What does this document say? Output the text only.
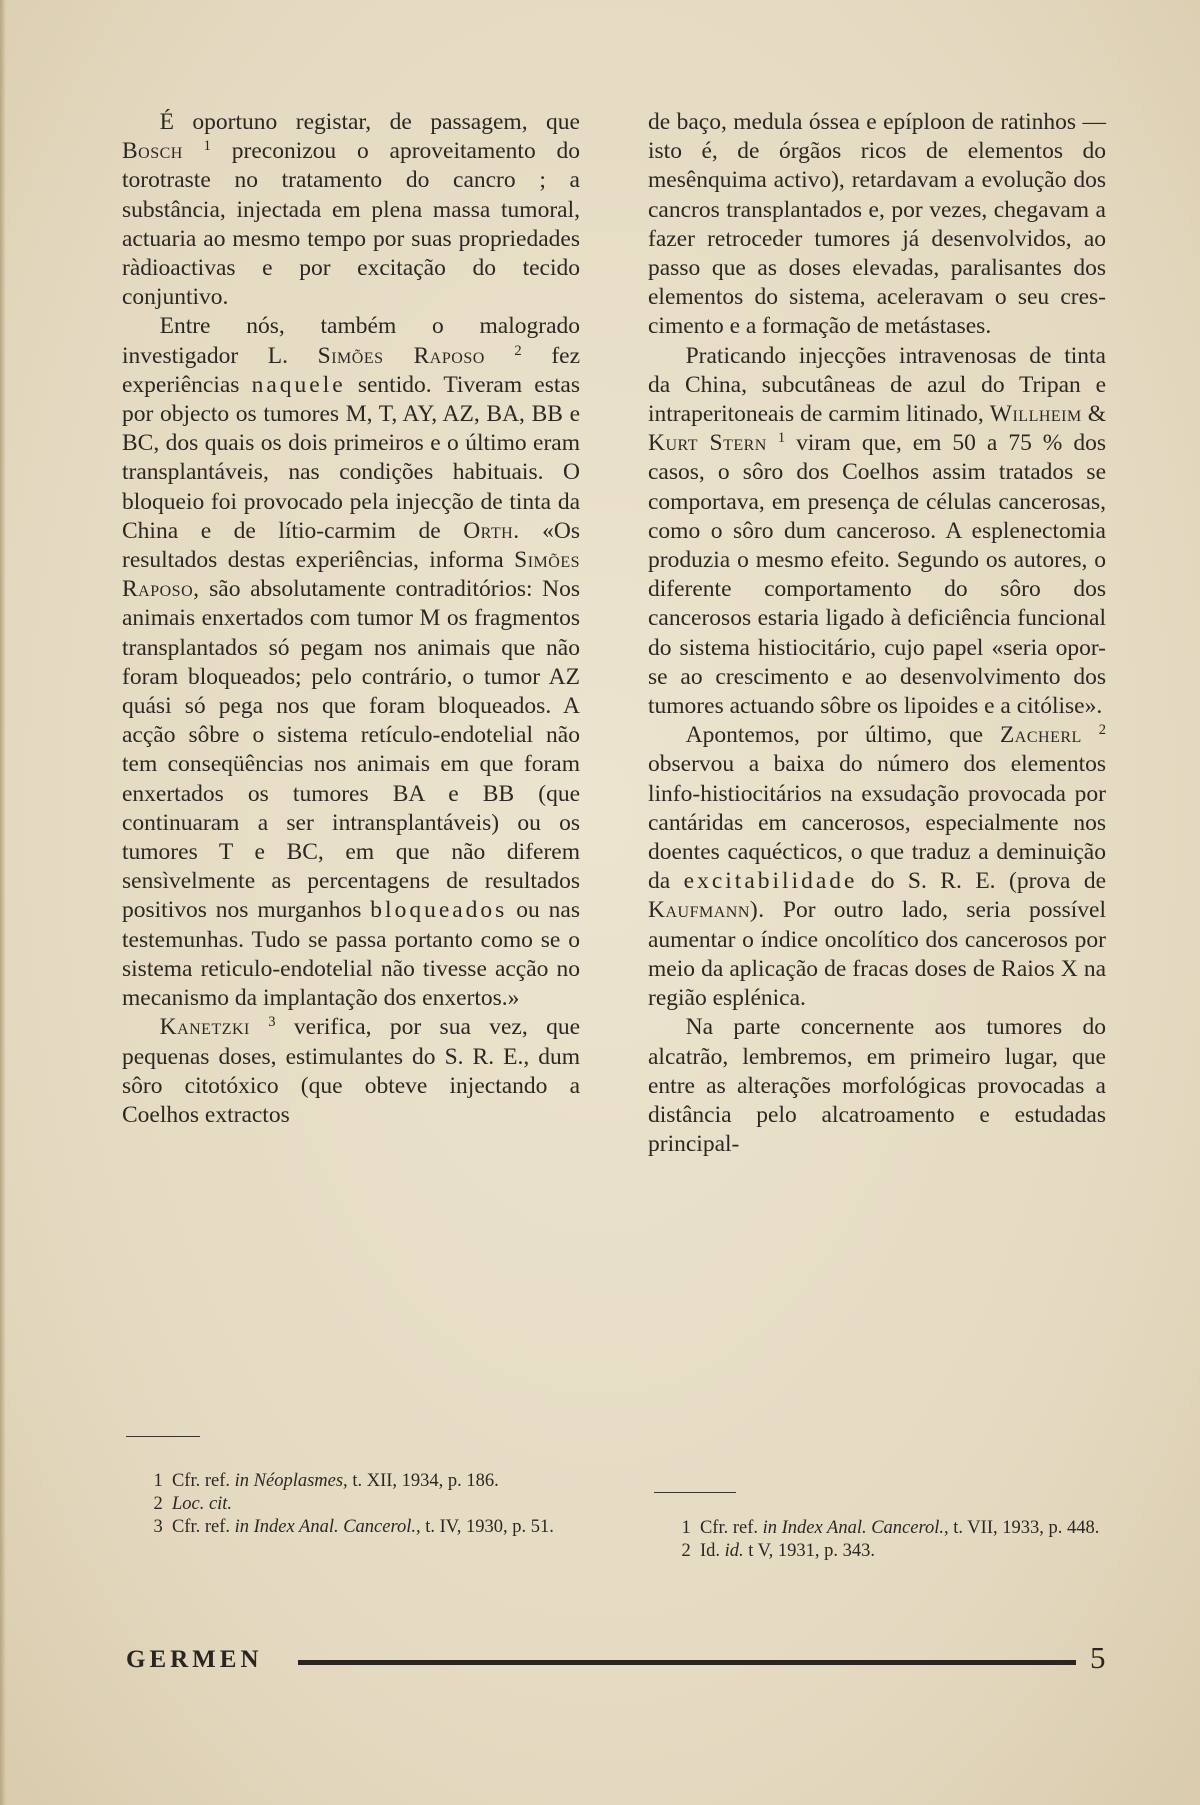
É oportuno registar, de passagem, que Bosch $^1$ preconizou o aproveitamento do torotraste no tratamento do cancro ; a substância, injectada em plena massa tumoral, actuaria ao mesmo tempo por suas propriedades ràdioactivas e por excitação do tecido conjuntivo.

Entre nós, também o malogrado investigador L. Simões Raposo $^2$ fez experiências naquele sentido. Tiveram estas por objecto os tumores M, T, AY, AZ, BA, BB e BC, dos quais os dois primeiros e o último eram transplantáveis, nas condições habituais. O bloqueio foi provocado pela injecção de tinta da China e de lítio-carmim de Orth. «Os resultados destas experiências, informa Simões Raposo, são absolutamente contraditórios: Nos animais enxertados com tumor M os fragmentos transplantados só pegam nos animais que não foram bloqueados; pelo contrário, o tumor AZ quási só pega nos que foram bloqueados. A acção sôbre o sistema retículo-endotelial não tem conseqüências nos animais em que foram enxertados os tumores BA e BB (que continuaram a ser intransplantáveis) ou os tumores T e BC, em que não diferem sensìvelmente as percentagens de resultados positivos nos murganhos bloqueados ou nas testemunhas. Tudo se passa portanto como se o sistema reticulo-endotelial não tivesse acção no mecanismo da implantação dos enxertos.»

Kanetzki $^3$ verifica, por sua vez, que pequenas doses, estimulantes do S. R. E., dum sôro citotóxico (que obteve injectando a Coelhos extractos

de baço, medula óssea e epíploon de ratinhos — isto é, de órgãos ricos de elementos do mesênquima activo), retardavam a evolução dos cancros transplantados e, por vezes, chegavam a fazer retroceder tumores já desenvolvidos, ao passo que as doses elevadas, paralisantes dos elementos do sistema, aceleravam o seu crescimento e a formação de metástases.

Praticando injecções intravenosas de tinta da China, subcutâneas de azul do Tripan e intraperitoneais de carmim litinado, Willheim & Kurt Stern $^1$ viram que, em 50 a 75 % dos casos, o sôro dos Coelhos assim tratados se comportava, em presença de células cancerosas, como o sôro dum canceroso. A esplenectomia produzia o mesmo efeito. Segundo os autores, o diferente comportamento do sôro dos cancerosos estaria ligado à deficiência funcional do sistema histiocitário, cujo papel «seria opor-se ao crescimento e ao desenvolvimento dos tumores actuando sôbre os lipoides e a citólise».

Apontemos, por último, que Zacherl $^2$ observou a baixa do número dos elementos linfo-histiocitários na exsudação provocada por cantáridas em cancerosos, especialmente nos doentes caquécticos, o que traduz a deminuição da excitabilidade do S. R. E. (prova de Kaufmann). Por outro lado, seria possível aumentar o índice oncolítico dos cancerosos por meio da aplicação de fracas doses de Raios X na região esplénica.

Na parte concernente aos tumores do alcatrão, lembremos, em primeiro lugar, que entre as alterações morfológicas provocadas a distância pelo alcatroamento e estudadas principal-

1 Cfr. ref. in Néoplasmes, t. XII, 1934, p. 186.

2 Loc. cit.

3 Cfr. ref. in Index Anal. Cancerol., t. IV, 1930, p. 51.	1 Cfr. ref. in Index Anal. Cancerol., t. VII, 1933, p. 448.

2 Id. id. t V, 1931, p. 343.

GERMEN	5
